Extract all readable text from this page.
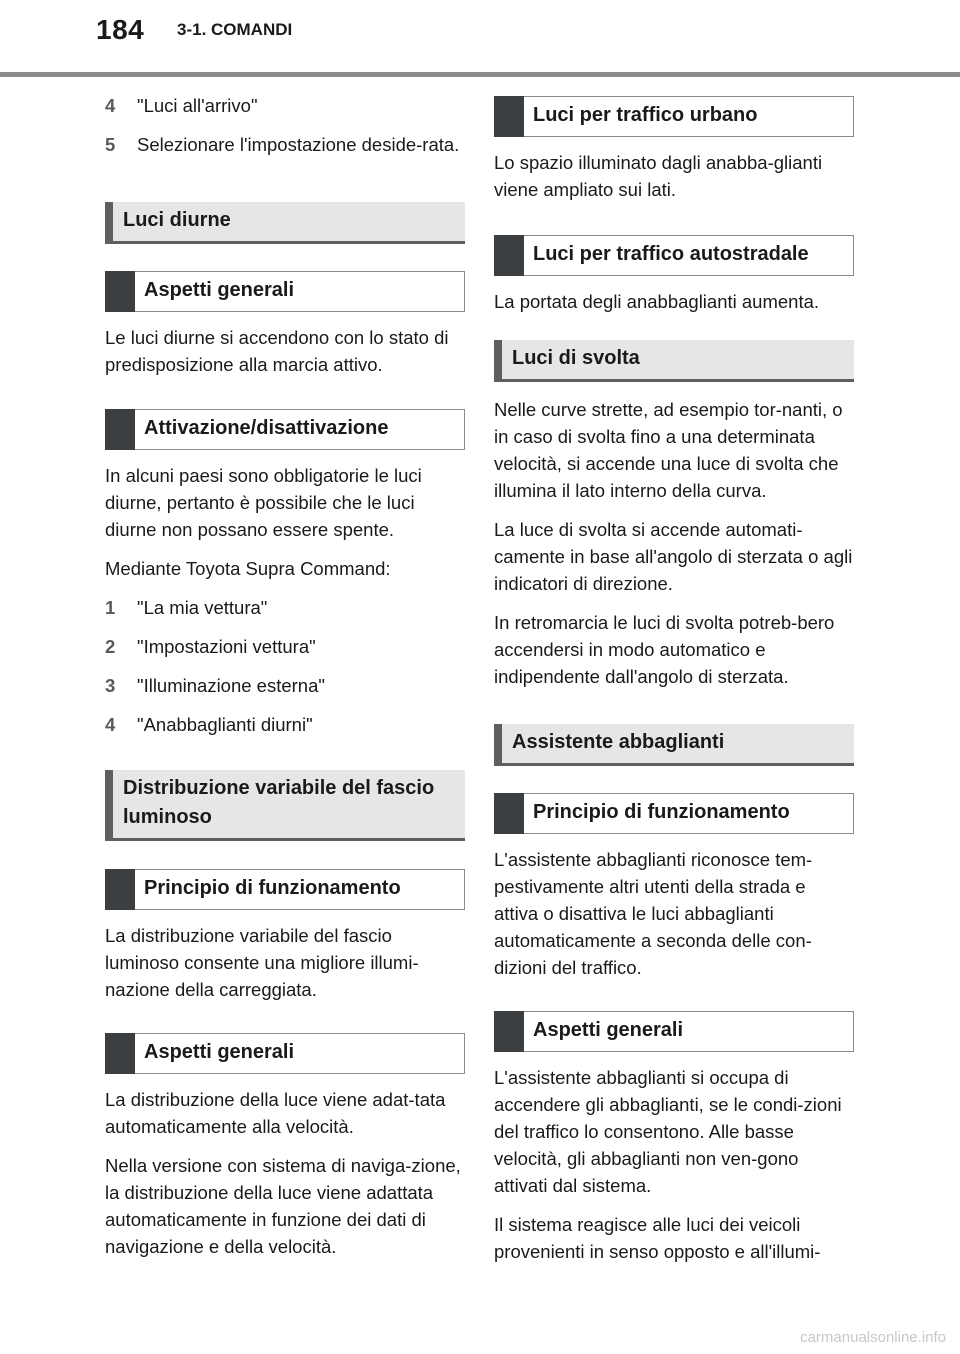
184 3-1. COMANDI
4	"Luci all'arrivo"
5	Selezionare l'impostazione deside-rata.
Luci diurne
Aspetti generali

Le luci diurne si accendono con lo stato di predisposizione alla marcia attivo.

Attivazione/disattivazione

In alcuni paesi sono obbligatorie le luci diurne, pertanto è possibile che le luci diurne non possano essere spente.

Mediante Toyota Supra Command:

1	"La mia vettura"
2	"Impostazioni vettura"
3	"Illuminazione esterna"
4	"Anabbaglianti diurni"
Distribuzione variabile del fascio luminoso
Principio di funzionamento

La distribuzione variabile del fascio luminoso consente una migliore illumi-nazione della carreggiata.

Aspetti generali

La distribuzione della luce viene adat-tata automaticamente alla velocità.

Nella versione con sistema di naviga-zione, la distribuzione della luce viene adattata automaticamente in funzione dei dati di navigazione e della velocità.

Luci per traffico urbano

Lo spazio illuminato dagli anabba-glianti viene ampliato sui lati.

Luci per traffico autostradale

La portata degli anabbaglianti aumenta.

Luci di svolta

Nelle curve strette, ad esempio tor-nanti, o in caso di svolta fino a una determinata velocità, si accende una luce di svolta che illumina il lato interno della curva.

La luce di svolta si accende automati-camente in base all'angolo di sterzata o agli indicatori di direzione.

In retromarcia le luci di svolta potreb-bero accendersi in modo automatico e indipendente dall'angolo di sterzata.

Assistente abbaglianti
Principio di funzionamento

L'assistente abbaglianti riconosce tem-pestivamente altri utenti della strada e attiva o disattiva le luci abbaglianti automaticamente a seconda delle con-dizioni del traffico.

Aspetti generali

L'assistente abbaglianti si occupa di accendere gli abbaglianti, se le condi-zioni del traffico lo consentono. Alle basse velocità, gli abbaglianti non ven-gono attivati dal sistema.

Il sistema reagisce alle luci dei veicoli provenienti in senso opposto e all'illumi-

carmanualsonline.info
